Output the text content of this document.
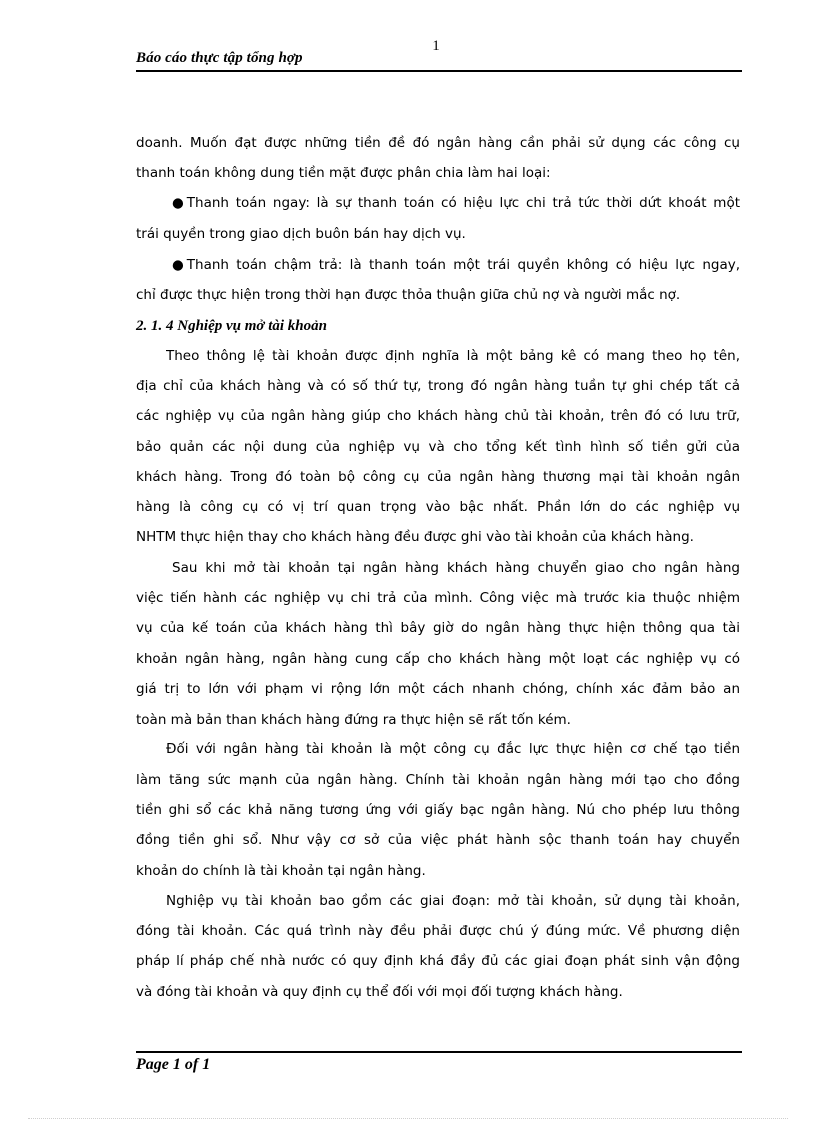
1
Báo cáo thực tập tổng hợp
doanh. Muốn đạt được những tiền đề đó ngân hàng cần phải sử dụng các công cụ
thanh toán không dung tiền mặt được phân chia làm hai loại:
● Thanh toán ngay: là sự thanh toán có hiệu lực chi trả tức thời dứt khoát một
trái quyền trong giao dịch buôn bán hay dịch vụ.
● Thanh toán chậm trả: là thanh toán một trái quyền không có hiệu lực ngay,
chỉ được thực hiện trong thời hạn được thỏa thuận giữa chủ nợ và người mắc nợ.
2. 1. 4 Nghiệp vụ mở tài khoản
Theo thông lệ tài khoản được định nghĩa là một bảng kê có mang theo họ tên,
địa chỉ của khách hàng và có số thứ tự, trong đó ngân hàng tuần tự ghi chép tất cả
các nghiệp vụ của ngân hàng giúp cho khách hàng chủ tài khoản, trên đó có lưu trữ,
bảo quản các nội dung của nghiệp vụ và cho tổng kết tình hình số tiền gửi của
khách hàng. Trong đó toàn bộ công cụ của ngân hàng thương mại tài khoản ngân
hàng là công cụ có vị trí quan trọng vào bậc nhất. Phần lớn do các nghiệp vụ
NHTM thực hiện thay cho khách hàng đều được ghi vào tài khoản của khách hàng.
Sau khi mở tài khoản tại ngân hàng khách hàng chuyển giao cho ngân hàng
việc tiến hành các nghiệp vụ chi trả của mình. Công việc mà trước kia thuộc nhiệm
vụ của kế toán của khách hàng thì bây giờ do ngân hàng thực hiện thông qua tài
khoản ngân hàng, ngân hàng cung cấp cho khách hàng một loạt các nghiệp vụ có
giá trị to lớn với phạm vi rộng lớn một cách nhanh chóng, chính xác đảm bảo an
toàn mà bản than khách hàng đứng ra thực hiện sẽ rất tốn kém.
Đối với ngân hàng tài khoản là một công cụ đắc lực thực hiện cơ chế tạo tiền
làm tăng sức mạnh của ngân hàng. Chính tài khoản ngân hàng mới tạo cho đồng
tiền ghi sổ các khả năng tương ứng với giấy bạc ngân hàng. Nú cho phép lưu thông
đồng tiền ghi sổ. Như vậy cơ sở của việc phát hành sộc thanh toán hay chuyển
khoản do chính là tài khoản tại ngân hàng.
Nghiệp vụ tài khoản bao gồm các giai đoạn: mở tài khoản, sử dụng tài khoản,
đóng tài khoản. Các quá trình này đều phải được chú ý đúng mức. Về phương diện
pháp lí pháp chế nhà nước có quy định khá đầy đủ các giai đoạn phát sinh vận động
và đóng tài khoản và quy định cụ thể đối với mọi đối tượng khách hàng.
Page 1 of 1
